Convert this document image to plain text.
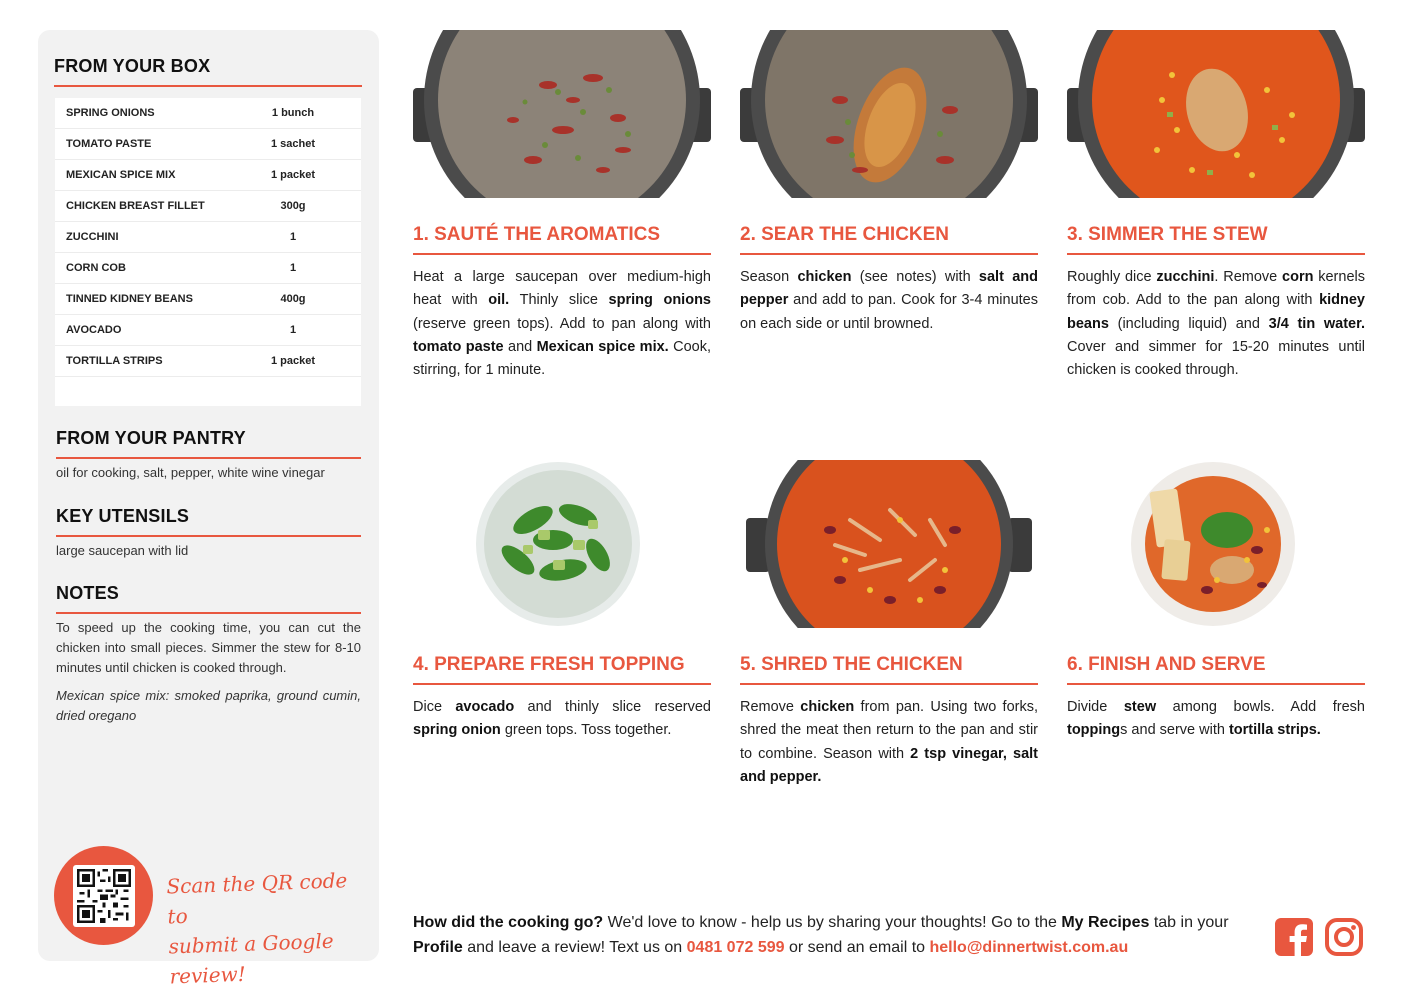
FROM YOUR BOX
SPRING ONIONS	1 bunch
TOMATO PASTE	1 sachet
MEXICAN SPICE MIX	1 packet
CHICKEN BREAST FILLET	300g
ZUCCHINI	1
CORN COB	1
TINNED KIDNEY BEANS	400g
AVOCADO	1
TORTILLA STRIPS	1 packet
FROM YOUR PANTRY
oil for cooking, salt, pepper, white wine vinegar
KEY UTENSILS
large saucepan with lid
NOTES
To speed up the cooking time, you can cut the chicken into small pieces. Simmer the stew for 8-10 minutes until chicken is cooked through.
Mexican spice mix: smoked paprika, ground cumin, dried oregano
Scan the QR code to
submit a Google review!
1. SAUTÉ THE AROMATICS
Heat a large saucepan over medium-high heat with oil. Thinly slice spring onions (reserve green tops). Add to pan along with tomato paste and Mexican spice mix. Cook, stirring, for 1 minute.
2. SEAR THE CHICKEN
Season chicken (see notes) with salt and pepper and add to pan. Cook for 3-4 minutes on each side or until browned.
3. SIMMER THE STEW
Roughly dice zucchini. Remove corn kernels from cob. Add to the pan along with kidney beans (including liquid) and 3/4 tin water. Cover and simmer for 15-20 minutes until chicken is cooked through.
4. PREPARE FRESH TOPPING
Dice avocado and thinly slice reserved spring onion green tops. Toss together.
5. SHRED THE CHICKEN
Remove chicken from pan. Using two forks, shred the meat then return to the pan and stir to combine. Season with 2 tsp vinegar, salt and pepper.
6. FINISH AND SERVE
Divide stew among bowls. Add fresh toppings and serve with tortilla strips.
How did the cooking go? We'd love to know - help us by sharing your thoughts! Go to the My Recipes tab in your Profile and leave a review! Text us on 0481 072 599 or send an email to hello@dinnertwist.com.au
